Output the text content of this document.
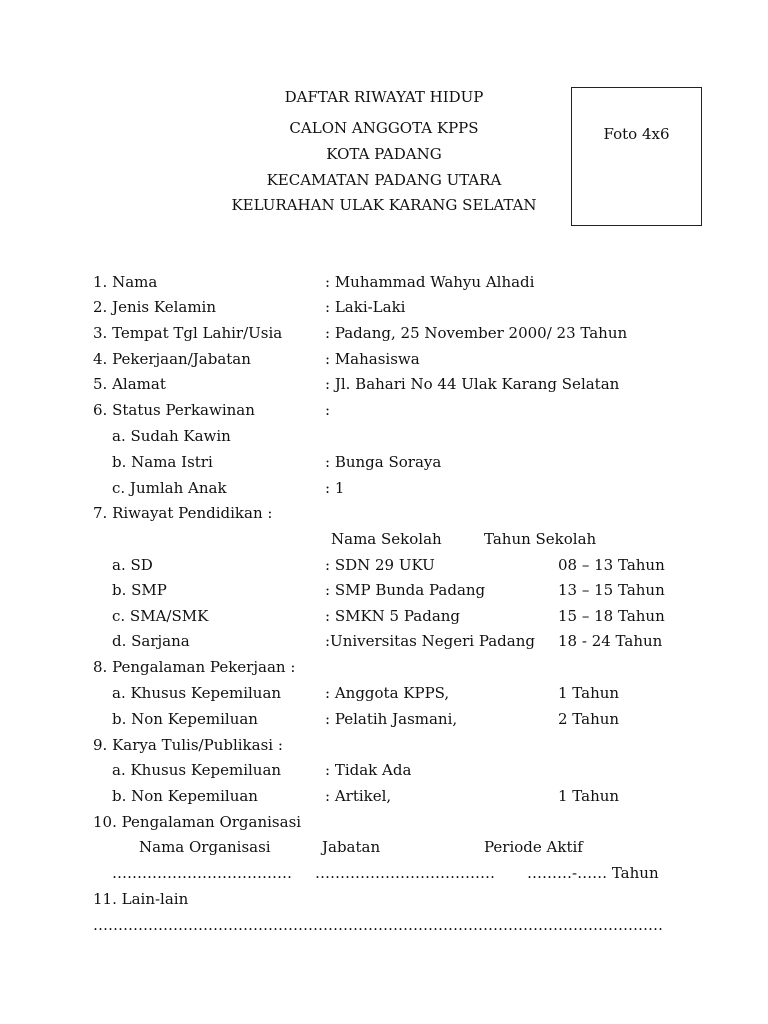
DAFTAR RIWAYAT HIDUP
CALON ANGGOTA KPPS
KOTA PADANG
KECAMATAN PADANG UTARA
KELURAHAN ULAK KARANG SELATAN
Foto 4x6
1. Nama	: Muhammad Wahyu Alhadi
2. Jenis Kelamin	: Laki-Laki
3. Tempat Tgl Lahir/Usia	: Padang, 25 November 2000/ 23 Tahun
4. Pekerjaan/Jabatan	: Mahasiswa
5. Alamat	: Jl. Bahari No 44 Ulak Karang Selatan
6. Status Perkawinan	:
a. Sudah Kawin
b. Nama Istri	: Bunga Soraya
c. Jumlah Anak	: 1
7. Riwayat Pendidikan :
Nama Sekolah	Tahun Sekolah
a. SD	: SDN 29 UKU	08 – 13 Tahun
b. SMP	: SMP Bunda Padang	13 – 15 Tahun
c. SMA/SMK	: SMKN 5 Padang	15 – 18 Tahun
d. Sarjana	:Universitas Negeri Padang 18 - 24 Tahun
8. Pengalaman Pekerjaan :
a. Khusus Kepemiluan	: Anggota KPPS,	1 Tahun
b. Non Kepemiluan	: Pelatih Jasmani,	2 Tahun
9. Karya Tulis/Publikasi :
a. Khusus Kepemiluan	: Tidak Ada
b. Non Kepemiluan	: Artikel,	1 Tahun
10. Pengalaman Organisasi
Nama Organisasi	Jabatan	Periode Aktif
……………………………… ……………………………… ………-…… Tahun
11. Lain-lain
……………………………………………………………………………………………………
